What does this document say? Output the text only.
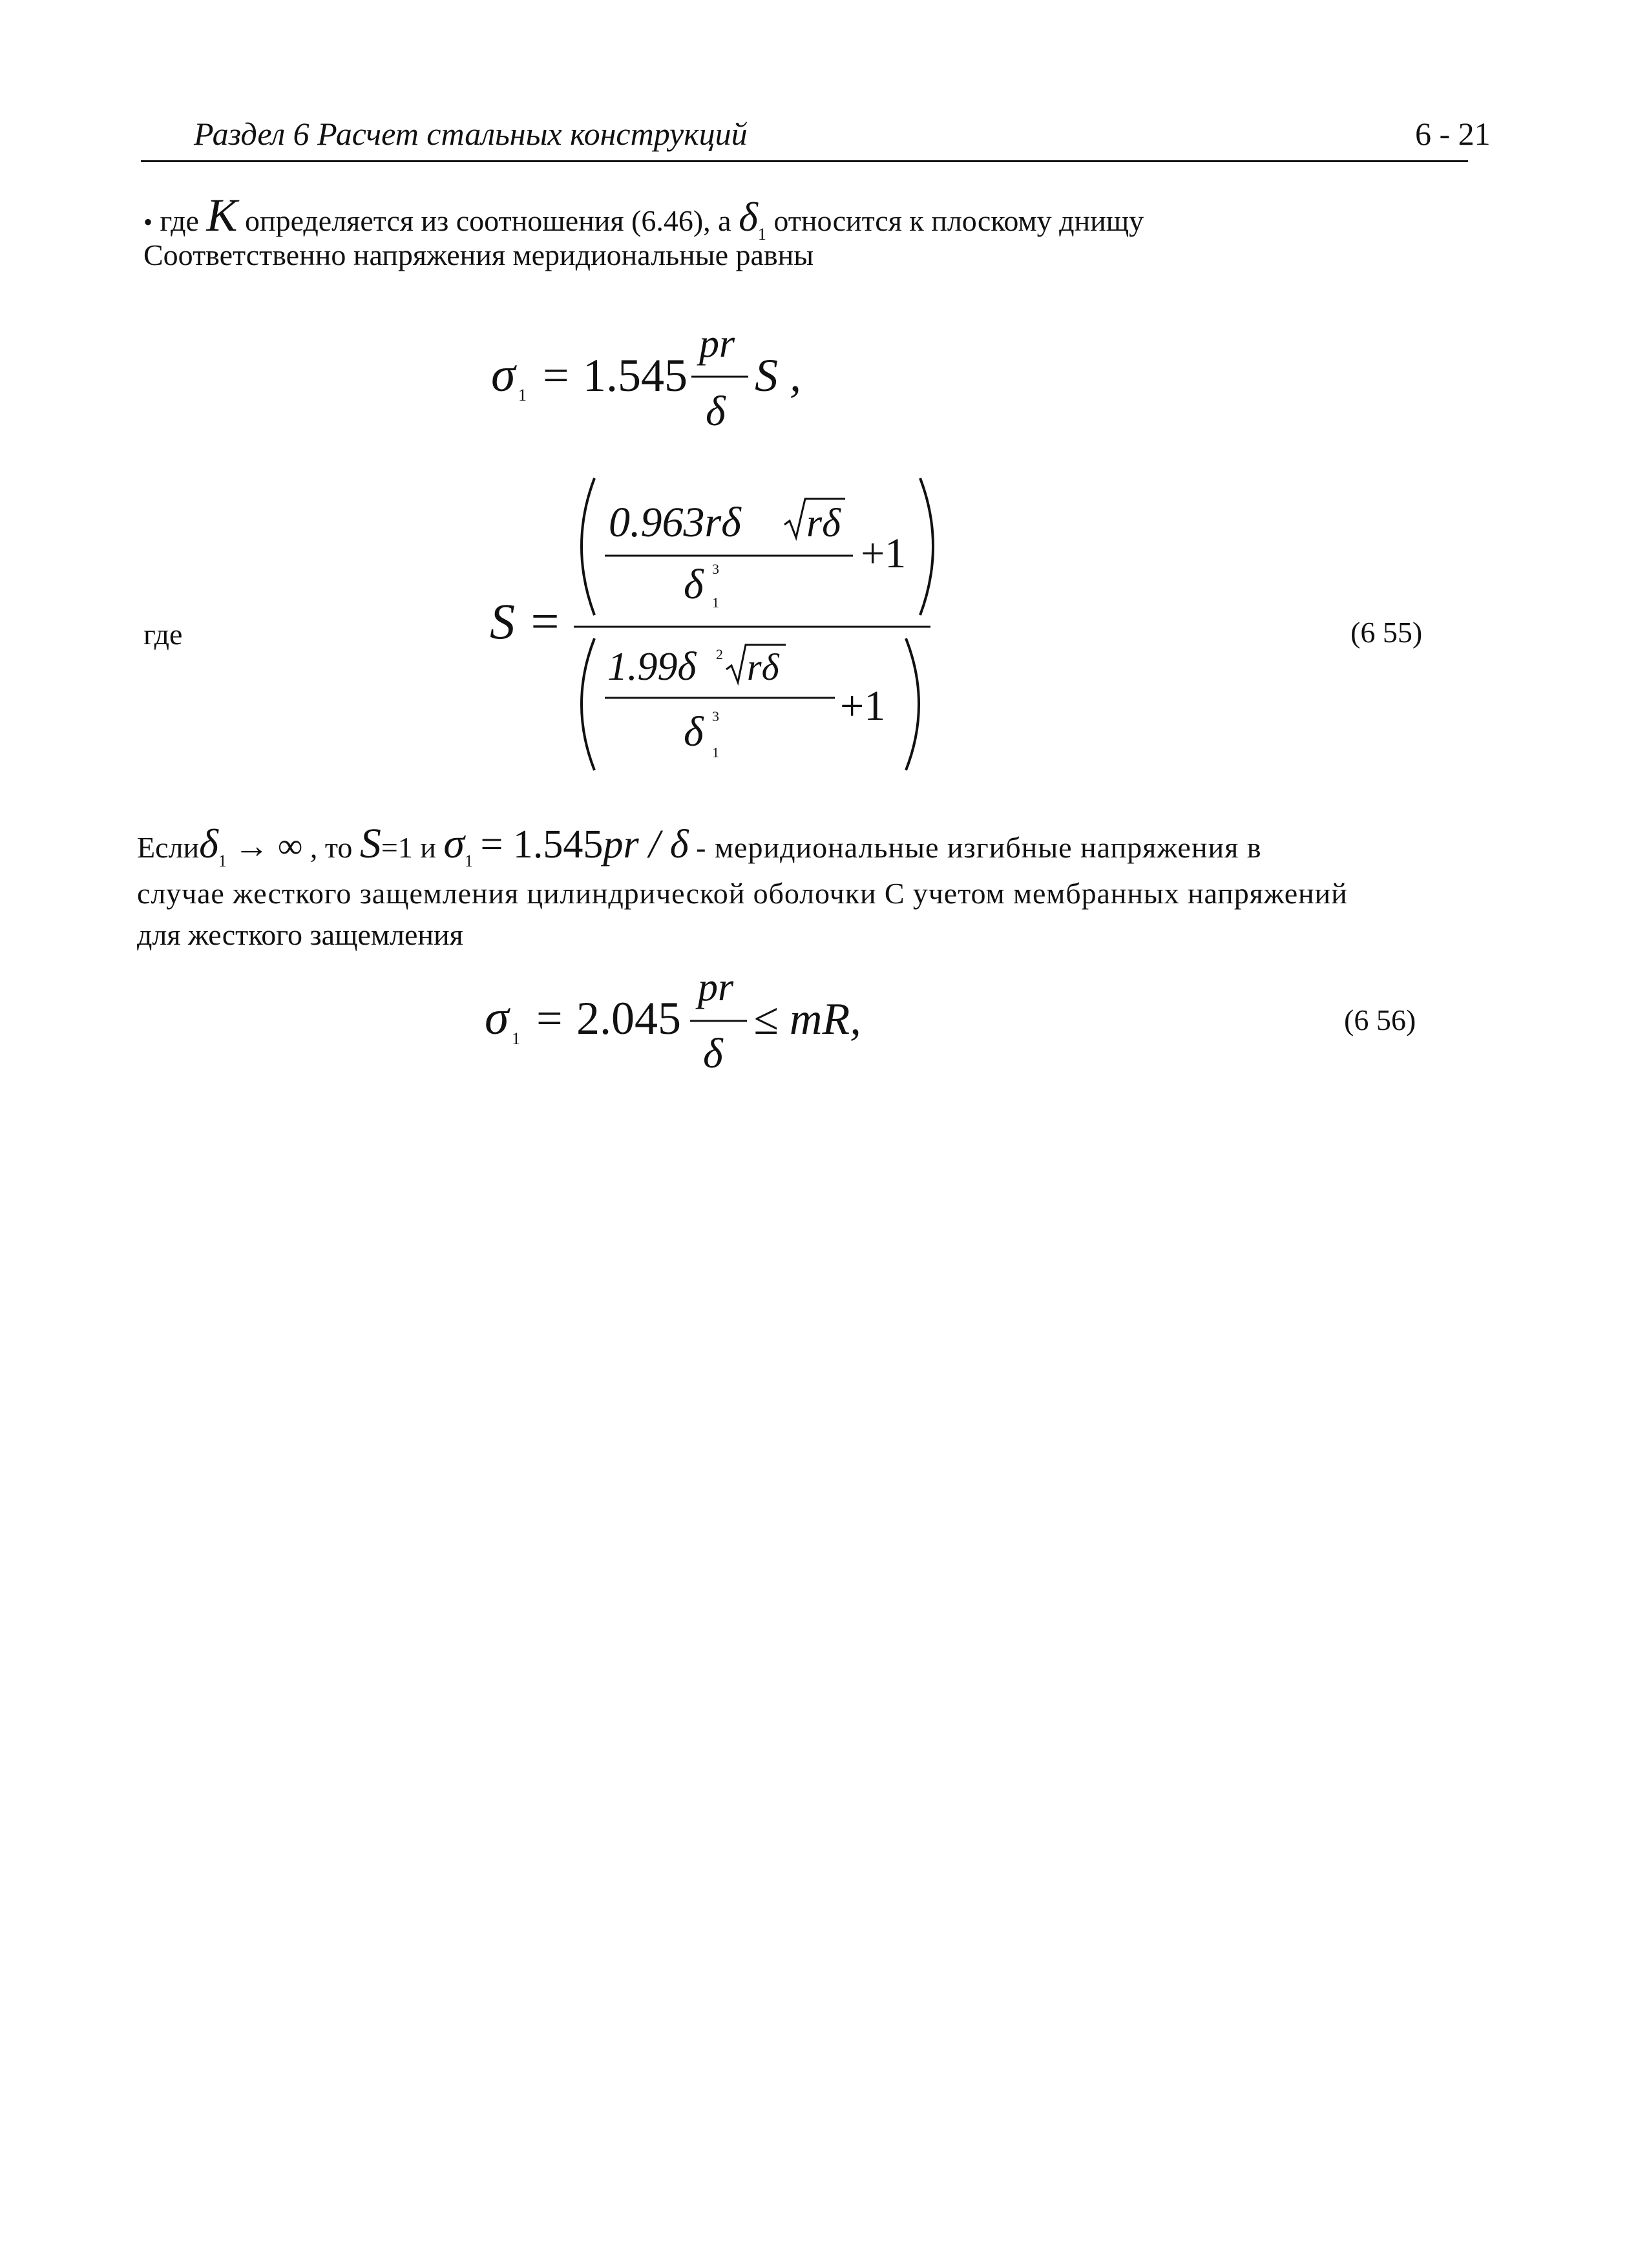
Раздел 6 Расчет стальных конструкций	6 - 21
• где K определяется из соотношения (6.46), а $\delta_1$ относится к плоскому днищу
Соответственно напряжения меридиональные равны
σ 1 = 1.545
pr
δ
S ,
где	S =
0.963rδ rδ
δ 3
1
+1
1.99δ 2 rδ
δ 3
1
+1
(6 55)
Еслиδ$_1$ → ∞ , то S=1 и $\sigma_1 = 1.545pr / \delta$ - меридиональные изгибные напряжения в
случае жесткого защемления цилиндрической оболочки С учетом мембранных напряжений
для жесткого защемления
σ 1 = 2.045
pr
δ
≤ mR,	(6 56)
